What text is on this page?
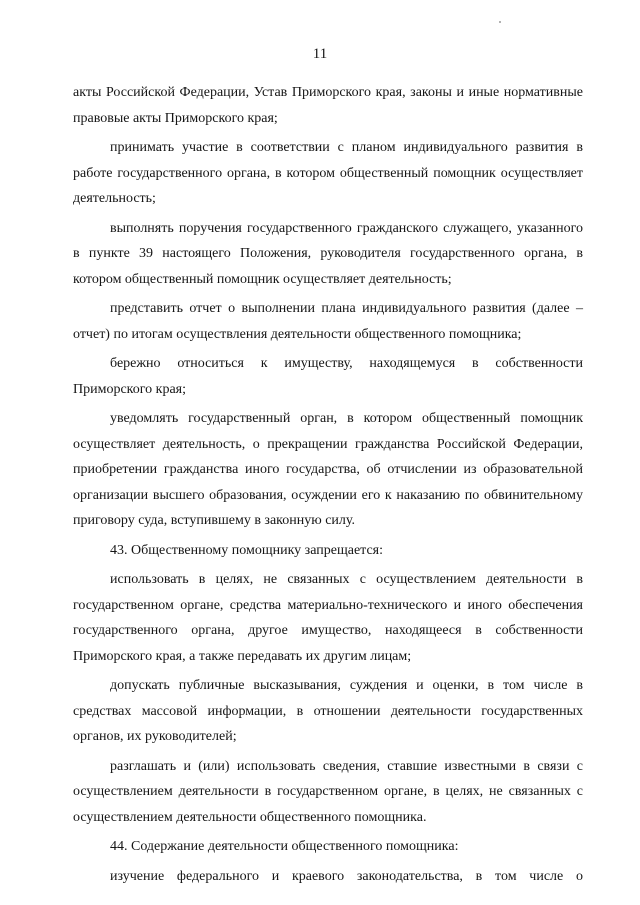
11

акты Российской Федерации, Устав Приморского края, законы и иные нормативные правовые акты Приморского края;

принимать участие в соответствии с планом индивидуального развития в работе государственного органа, в котором общественный помощник осуществляет деятельность;

выполнять поручения государственного гражданского служащего, указанного в пункте 39 настоящего Положения, руководителя государственного органа, в котором общественный помощник осуществляет деятельность;

представить отчет о выполнении плана индивидуального развития (далее – отчет) по итогам осуществления деятельности общественного помощника;

бережно относиться к имуществу, находящемуся в собственности Приморского края;

уведомлять государственный орган, в котором общественный помощник осуществляет деятельность, о прекращении гражданства Российской Федерации, приобретении гражданства иного государства, об отчислении из образовательной организации высшего образования, осуждении его к наказанию по обвинительному приговору суда, вступившему в законную силу.

43. Общественному помощнику запрещается:

использовать в целях, не связанных с осуществлением деятельности в государственном органе, средства материально-технического и иного обеспечения государственного органа, другое имущество, находящееся в собственности Приморского края, а также передавать их другим лицам;

допускать публичные высказывания, суждения и оценки, в том числе в средствах массовой информации, в отношении деятельности государственных органов, их руководителей;

разглашать и (или) использовать сведения, ставшие известными в связи с осуществлением деятельности в государственном органе, в целях, не связанных с осуществлением деятельности общественного помощника.

44. Содержание деятельности общественного помощника:

изучение федерального и краевого законодательства, в том числе о
